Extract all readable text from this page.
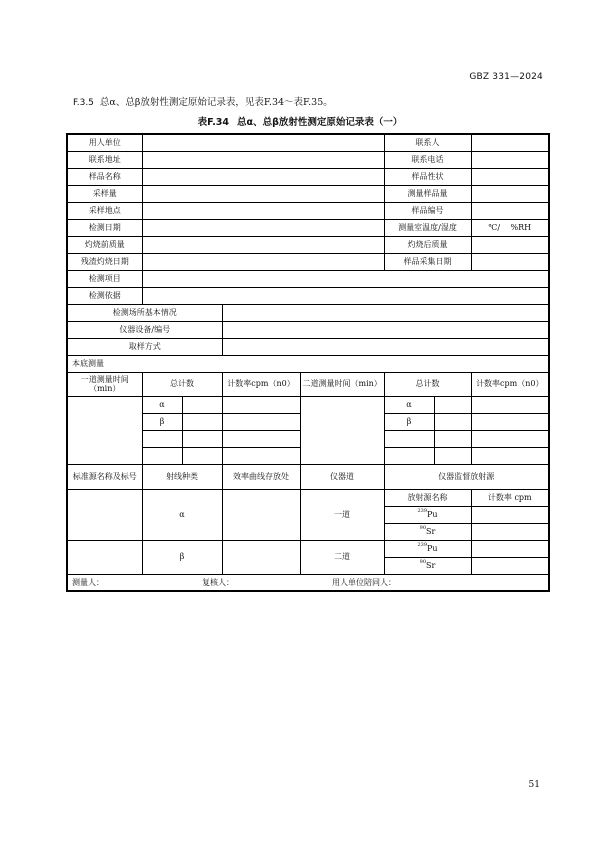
GBZ 331—2024
F.3.5 总α、总β放射性测定原始记录表，见表F.34～表F.35。
表F.34 总α、总β放射性测定原始记录表（一）
用人单位					联系人		
联系地址					联系电话		
样品名称					样品性状		
采样量					测量样品量		
采样地点					样品编号		
检测日期					测量室温度/湿度		℃/　 %RH
灼烧前质量					灼烧后质量		
残渣灼烧日期					样品采集日期		
检测项目							
检测依据							
检测场所基本情况							
仪器设备/编号							
取样方式							
本底测量							
一道测量时间（min）	总计数		计数率cpm（n0）	二道测量时间（min）	总计数		计数率cpm（n0）
	α				α		
	β				β		

标准源名称及标号	射线种类		效率曲线存放处	仪器道	仪器监督放射源		
	α			一道	放射源名称		计数率 cpm
					$^{239}$Pu		
					$^{90}$Sr		
	β			二道	$^{239}$Pu		
					$^{90}$Sr		
测量人： 复核人： 用人单位陪同人：							
51
